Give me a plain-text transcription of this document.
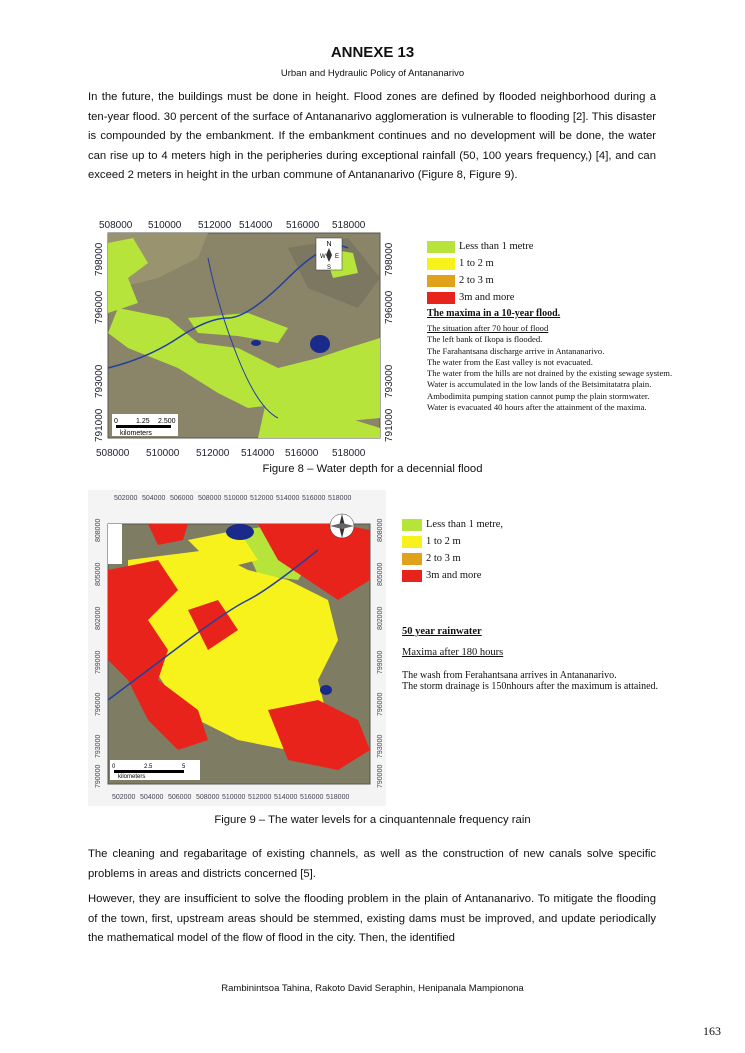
ANNEXE 13
Urban and Hydraulic Policy of Antananarivo
In the future, the buildings must be done in height. Flood zones are defined by flooded neighborhood during a ten-year flood. 30 percent of the surface of Antananarivo agglomeration is vulnerable to flooding [2]. This disaster is compounded by the embankment. If the embankment continues and no development will be done, the water can rise up to 4 meters high in the peripheries during exceptional rainfall (50, 100 years frequency,) [4], and can exceed 2 meters in height in the urban commune of Antananarivo (Figure 8, Figure 9).
508000 510000 512000 514000 516000 518000
N
W E
S
0	1.25 2.500
kilometers
798000
796000
793000
791000
798000
796000
793000
791000
508000 510000 512000 514000 516000 518000
Less than 1 metre
1 to 2 m
2 to 3 m
3m and more
The maxima in a 10-year flood.
The situation after 70 hour of flood
The left bank of Ikopa is flooded.
The Farahantsana discharge arrive in Antananarivo.
The water from the East valley is not evacuated.
The water from the hills are not drained by the existing sewage system.
Water is accumulated in the low lands of the Betsimitatatra plain.
Ambodimita pumping station cannot pump the plain stormwater.
Water is evacuated 40 hours after the attainment of the maxima.
Figure 8 – Water depth for a decennial flood
502000 504000 506000 508000 510000 512000 514000 516000 518000
0	2.5	5
kilometers
808000
805000
802000
799000
796000
793000
790000
808000
805000
802000
799000
796000
793000
790000
502000 504000 506000 508000 510000 512000 514000 516000 518000
Less than 1 metre,
1 to 2 m
2 to 3 m
3m and more
50 year rainwater
Maxima after 180 hours
The wash from Ferahantsana arrives in Antananarivo.
The storm drainage is 150nhours after the maximum is attained.
Figure 9 – The water levels for a cinquantennale frequency rain
The cleaning and regabaritage of existing channels, as well as the construction of new canals solve specific problems in areas and districts concerned [5].
However, they are insufficient to solve the flooding problem in the plain of Antananarivo. To mitigate the flooding of the town, first, upstream areas should be stemmed, existing dams must be improved, and update periodically the mathematical model of the flow of flood in the city. Then, the identified
Rambinintsoa Tahina, Rakoto David Seraphin, Henipanala Mampionona
163
